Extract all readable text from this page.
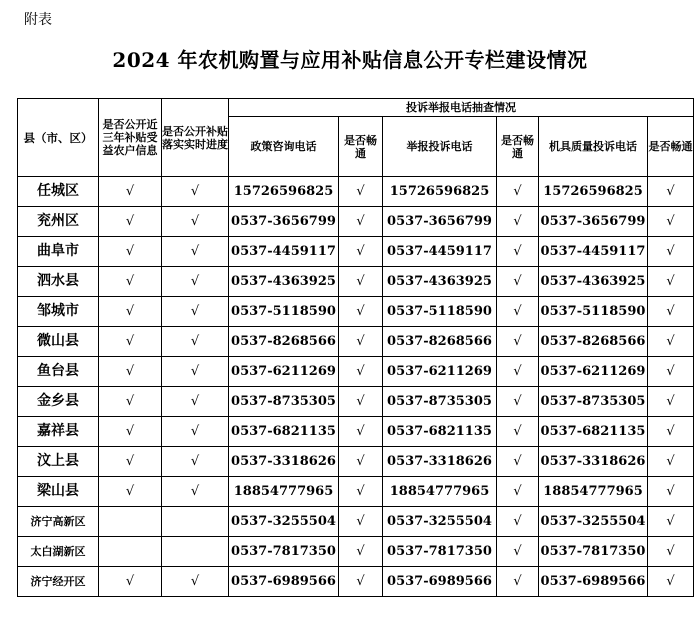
附表
2024 年农机购置与应用补贴信息公开专栏建设情况
县（市、区）	是否公开近三年补贴受益农户信息	是否公开补贴落实实时进度	投诉举报电话抽查情况					
			政策咨询电话	是否畅通	举报投诉电话	是否畅通	机具质量投诉电话	是否畅通
任城区	√	√	15726596825	√	15726596825	√	15726596825	√
兖州区	√	√	0537-3656799	√	0537-3656799	√	0537-3656799	√
曲阜市	√	√	0537-4459117	√	0537-4459117	√	0537-4459117	√
泗水县	√	√	0537-4363925	√	0537-4363925	√	0537-4363925	√
邹城市	√	√	0537-5118590	√	0537-5118590	√	0537-5118590	√
微山县	√	√	0537-8268566	√	0537-8268566	√	0537-8268566	√
鱼台县	√	√	0537-6211269	√	0537-6211269	√	0537-6211269	√
金乡县	√	√	0537-8735305	√	0537-8735305	√	0537-8735305	√
嘉祥县	√	√	0537-6821135	√	0537-6821135	√	0537-6821135	√
汶上县	√	√	0537-3318626	√	0537-3318626	√	0537-3318626	√
梁山县	√	√	18854777965	√	18854777965	√	18854777965	√
济宁高新区			0537-3255504	√	0537-3255504	√	0537-3255504	√
太白湖新区			0537-7817350	√	0537-7817350	√	0537-7817350	√
济宁经开区	√	√	0537-6989566	√	0537-6989566	√	0537-6989566	√
